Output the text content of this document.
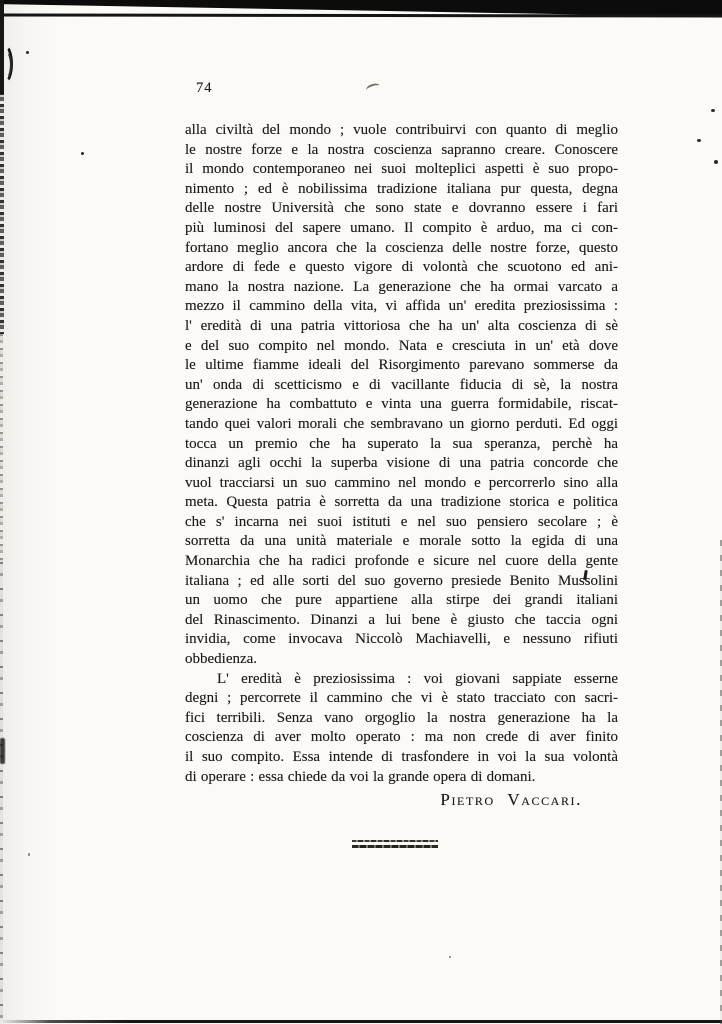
74
alla civiltà del mondo ; vuole contribuirvi con quanto di meglio
le nostre forze e la nostra coscienza sapranno creare. Conoscere
il mondo contemporaneo nei suoi molteplici aspetti è suo propo-
nimento ; ed è nobilissima tradizione italiana pur questa, degna
delle nostre Università che sono state e dovranno essere i fari
più luminosi del sapere umano. Il compito è arduo, ma ci con-
fortano meglio ancora che la coscienza delle nostre forze, questo
ardore di fede e questo vigore di volontà che scuotono ed ani-
mano la nostra nazione. La generazione che ha ormai varcato a
mezzo il cammino della vita, vi affida un' eredita preziosissima :
l' eredità di una patria vittoriosa che ha un' alta coscienza di sè
e del suo compito nel mondo. Nata e cresciuta in un' età dove
le ultime fiamme ideali del Risorgimento parevano sommerse da
un' onda di scetticismo e di vacillante fiducia di sè, la nostra
generazione ha combattuto e vinta una guerra formidabile, riscat-
tando quei valori morali che sembravano un giorno perduti. Ed oggi
tocca un premio che ha superato la sua speranza, perchè ha
dinanzi agli occhi la superba visione di una patria concorde che
vuol tracciarsi un suo cammino nel mondo e percorrerlo sino alla
meta. Questa patria è sorretta da una tradizione storica e politica
che s' incarna nei suoi istituti e nel suo pensiero secolare ; è
sorretta da una unità materiale e morale sotto la egida di una
Monarchia che ha radici profonde e sicure nel cuore della gente
italiana ; ed alle sorti del suo governo presiede Benito Mussolini
un uomo che pure appartiene alla stirpe dei grandi italiani
del Rinascimento. Dinanzi a lui bene è giusto che taccia ogni
invidia, come invocava Niccolò Machiavelli, e nessuno rifiuti
obbedienza.
L' eredità è preziosissima : voi giovani sappiate esserne
degni ; percorrete il cammino che vi è stato tracciato con sacri-
fici terribili. Senza vano orgoglio la nostra generazione ha la
coscienza di aver molto operato : ma non crede di aver finito
il suo compito. Essa intende di trasfondere in voi la sua volontà
di operare : essa chiede da voi la grande opera di domani.
Pietro Vaccari.
